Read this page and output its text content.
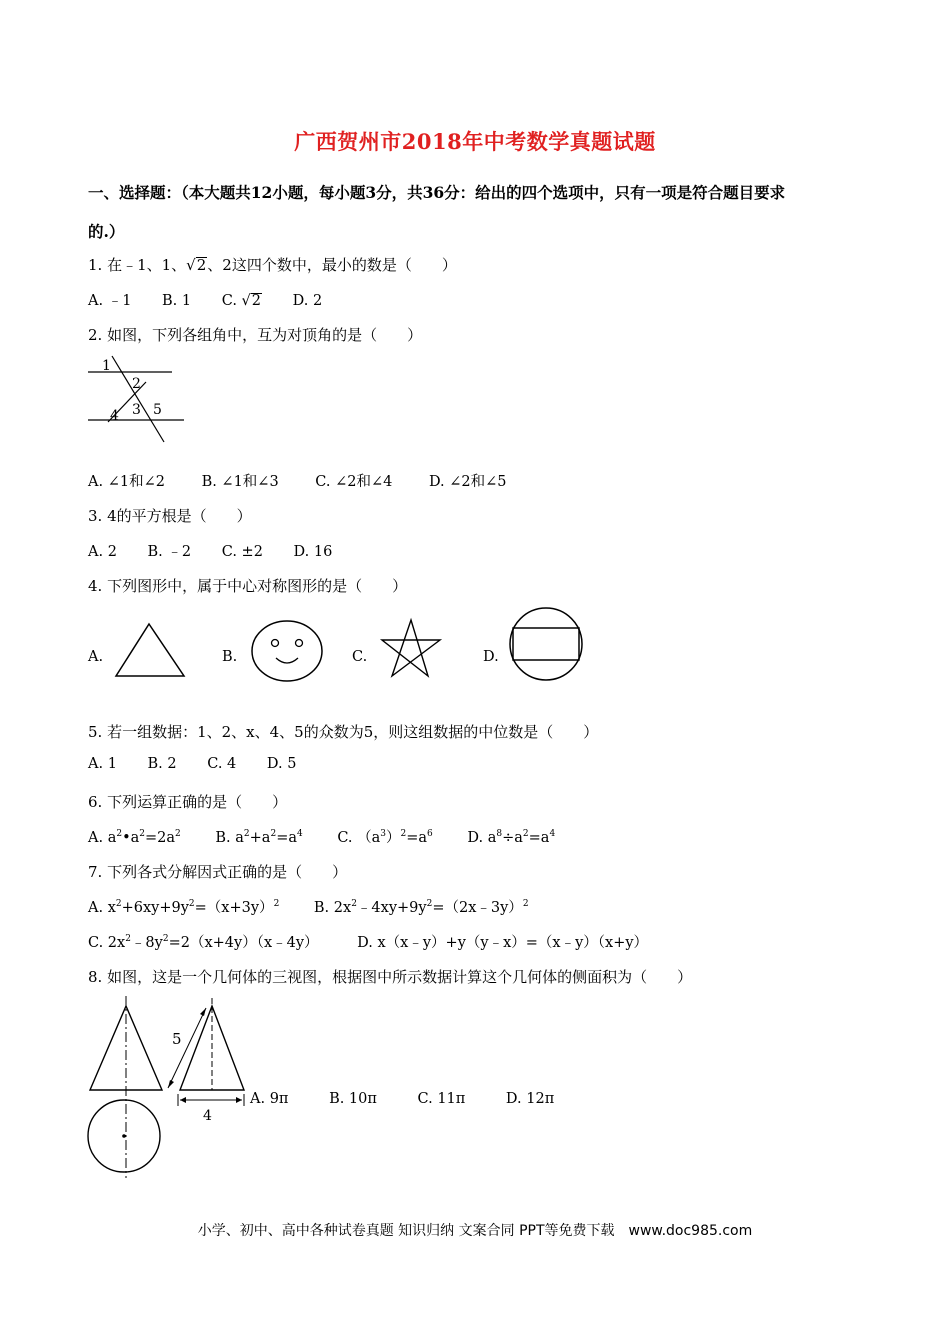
广西贺州市2018年中考数学真题试题
一、选择题：（本大题共12小题，每小题3分，共36分：给出的四个选项中，只有一项是符合题目要求
的.）
1. 在﹣1、1、√2、2这四个数中，最小的数是（　　）
A. ﹣1 B. 1 C. √2 D. 2
2. 如图，下列各组角中，互为对顶角的是（　　）
1
2
3
4 5
A. ∠1和∠2	B. ∠1和∠3	C. ∠2和∠4	D. ∠2和∠5
3. 4的平方根是（　　）
A. 2 B. ﹣2 C. ±2 D. 16
4. 下列图形中，属于中心对称图形的是（　　）
A.	B.	C.	D.
5. 若一组数据：1、2、x、4、5的众数为5，则这组数据的中位数是（　　）
A. 1 B. 2 C. 4 D. 5
6. 下列运算正确的是（　　）
A. $a^2•a^2=2a^2$ B. $a^2+a^2=a^4$ C. $(a^3)^2=a^6$ D. $a^8\div a^2=a^4$
7. 下列各式分解因式正确的是（　　）
A. $x^2+6xy+9y^2=(x+3y)^2$ B. $2x^2﹣4xy+9y^2=(2x﹣3y)^2$
C. $2x^2﹣8y^2=2(x+4y)(x﹣4y)$	D. x（x﹣y）+y（y﹣x）=（x﹣y）（x+y）
8. 如图，这是一个几何体的三视图，根据图中所示数据计算这个几何体的侧面积为（　　）
5
4
A. 9π	B. 10π	C. 11π	D. 12π
小学、初中、高中各种试卷真题 知识归纳 文案合同 PPT等免费下载　www.doc985.com
